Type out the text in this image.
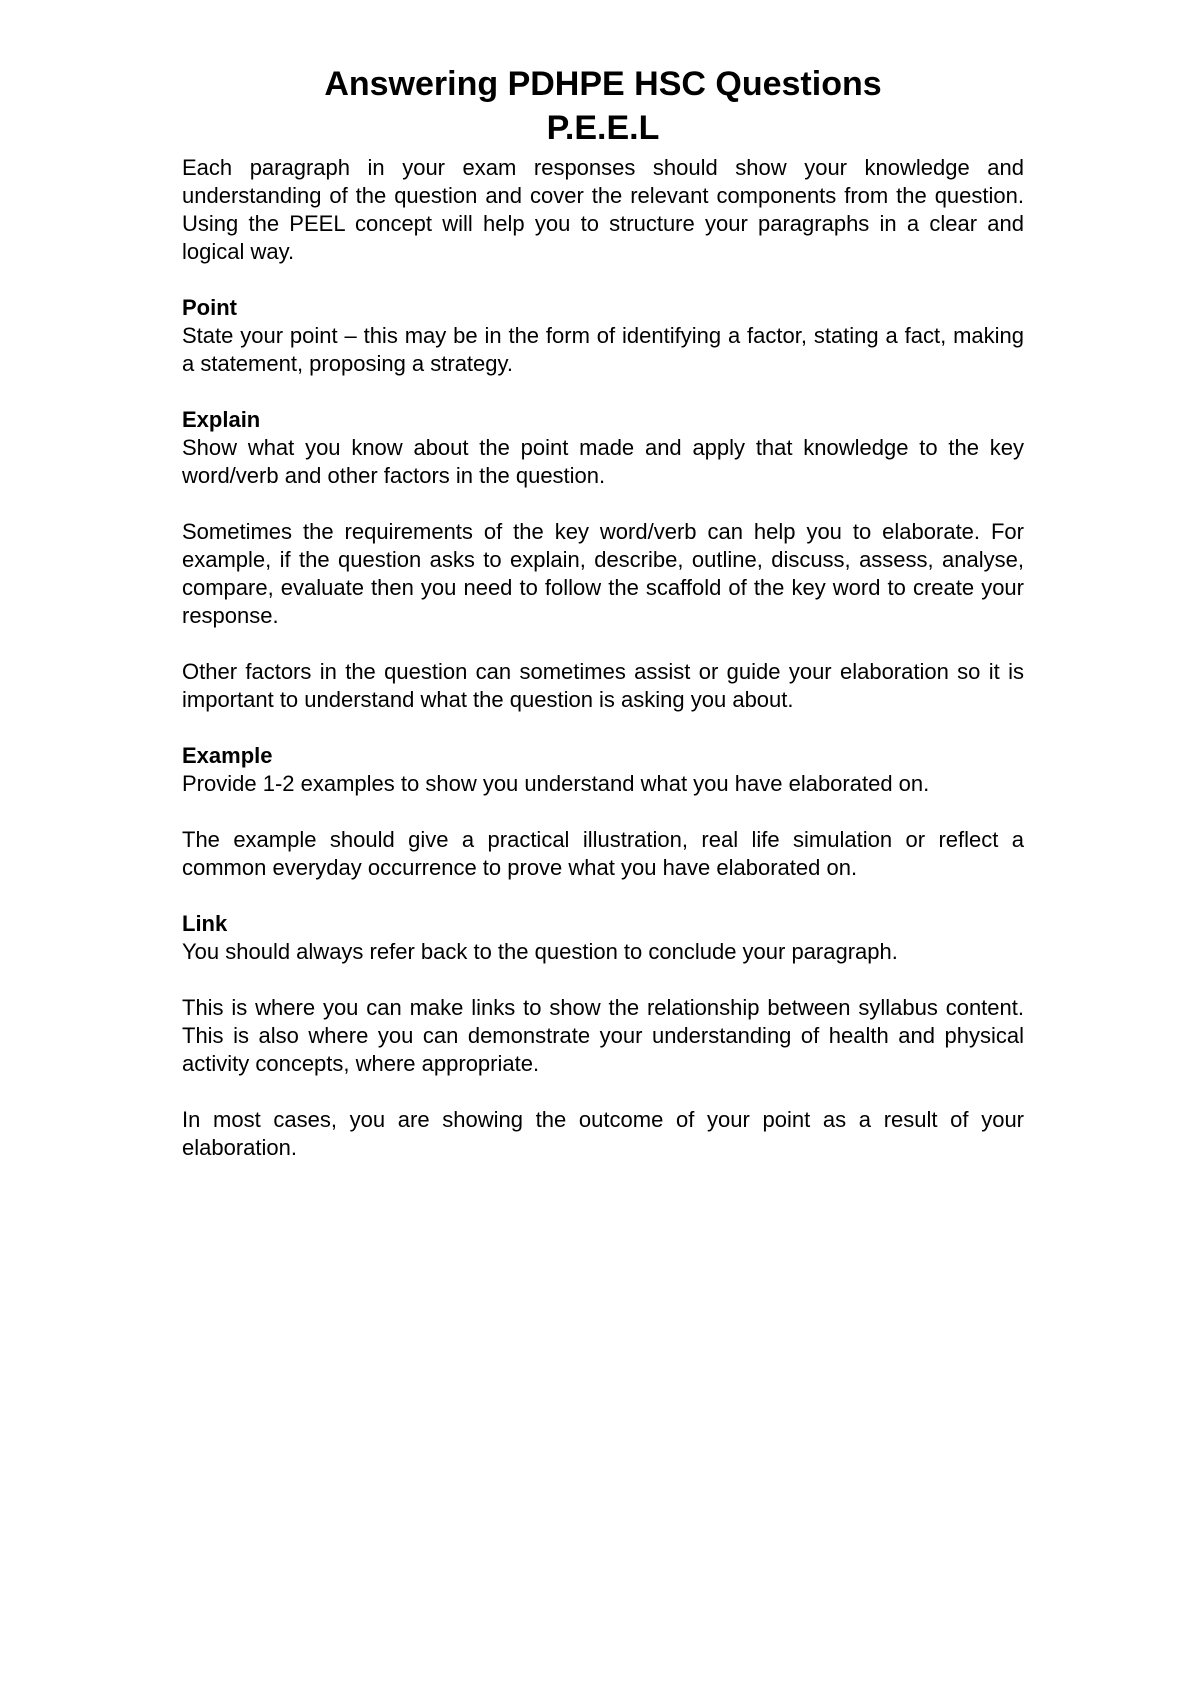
Answering PDHPE HSC Questions
P.E.E.L

Each paragraph in your exam responses should show your knowledge and understanding of the question and cover the relevant components from the question. Using the PEEL concept will help you to structure your paragraphs in a clear and logical way.

Point

State your point – this may be in the form of identifying a factor, stating a fact, making a statement, proposing a strategy.

Explain

Show what you know about the point made and apply that knowledge to the key word/verb and other factors in the question.

Sometimes the requirements of the key word/verb can help you to elaborate. For example, if the question asks to explain, describe, outline, discuss, assess, analyse, compare, evaluate then you need to follow the scaffold of the key word to create your response.

Other factors in the question can sometimes assist or guide your elaboration so it is important to understand what the question is asking you about.

Example

Provide 1-2 examples to show you understand what you have elaborated on.

The example should give a practical illustration, real life simulation or reflect a common everyday occurrence to prove what you have elaborated on.

Link

You should always refer back to the question to conclude your paragraph.

This is where you can make links to show the relationship between syllabus content. This is also where you can demonstrate your understanding of health and physical activity concepts, where appropriate.

In most cases, you are showing the outcome of your point as a result of your elaboration.
